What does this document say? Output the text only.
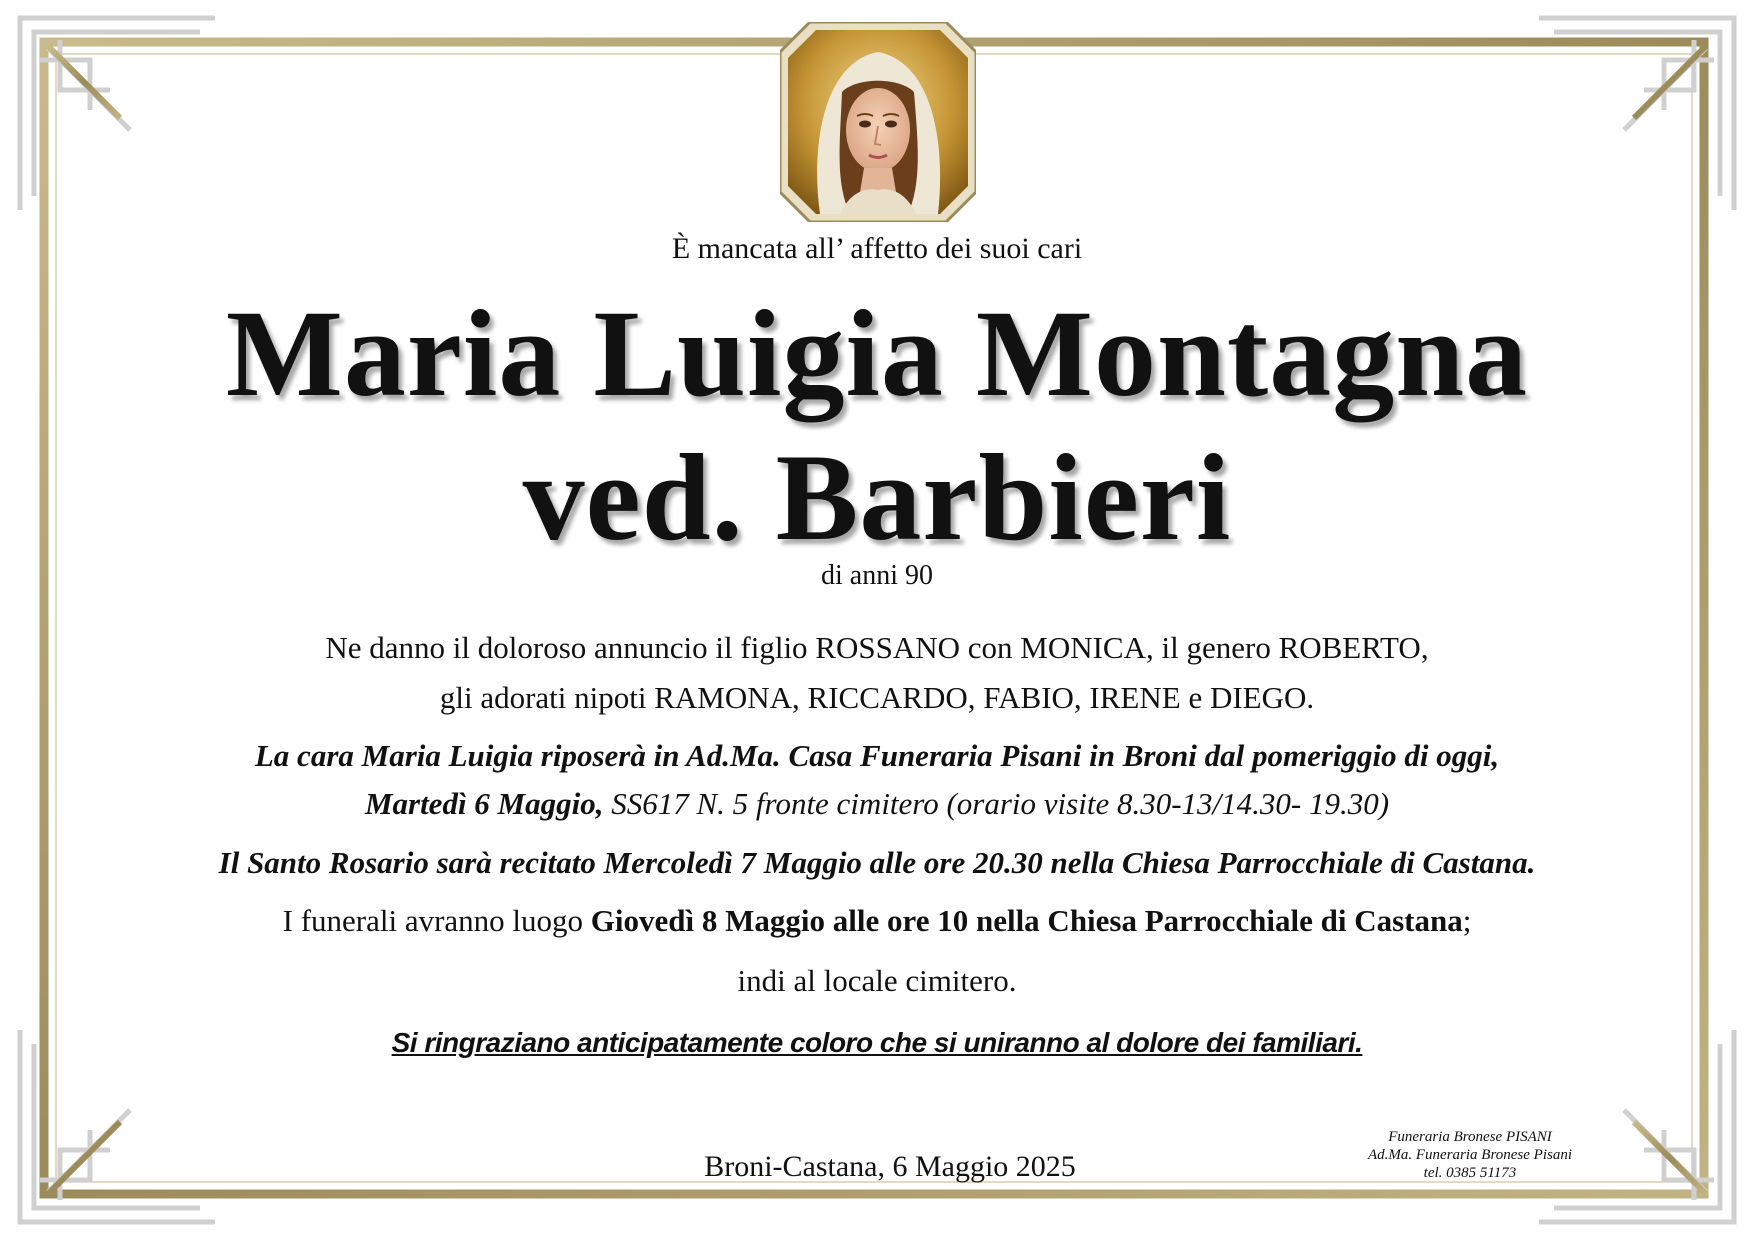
È mancata all’ affetto dei suoi cari
Maria Luigia Montagna
ved. Barbieri
di anni 90
Ne danno il doloroso annuncio il figlio ROSSANO con MONICA, il genero ROBERTO,
gli adorati nipoti RAMONA, RICCARDO, FABIO, IRENE e DIEGO.
La cara Maria Luigia riposerà in Ad.Ma. Casa Funeraria Pisani in Broni dal pomeriggio di oggi,
Martedì 6 Maggio, SS617 N. 5 fronte cimitero (orario visite 8.30-13/14.30- 19.30)
Il Santo Rosario sarà recitato Mercoledì 7 Maggio alle ore 20.30 nella Chiesa Parrocchiale di Castana.
I funerali avranno luogo Giovedì 8 Maggio alle ore 10 nella Chiesa Parrocchiale di Castana;
indi al locale cimitero.
Si ringraziano anticipatamente coloro che si uniranno al dolore dei familiari.
Broni-Castana, 6 Maggio 2025
Funeraria Bronese PISANI
Ad.Ma. Funeraria Bronese Pisani
tel. 0385 51173
